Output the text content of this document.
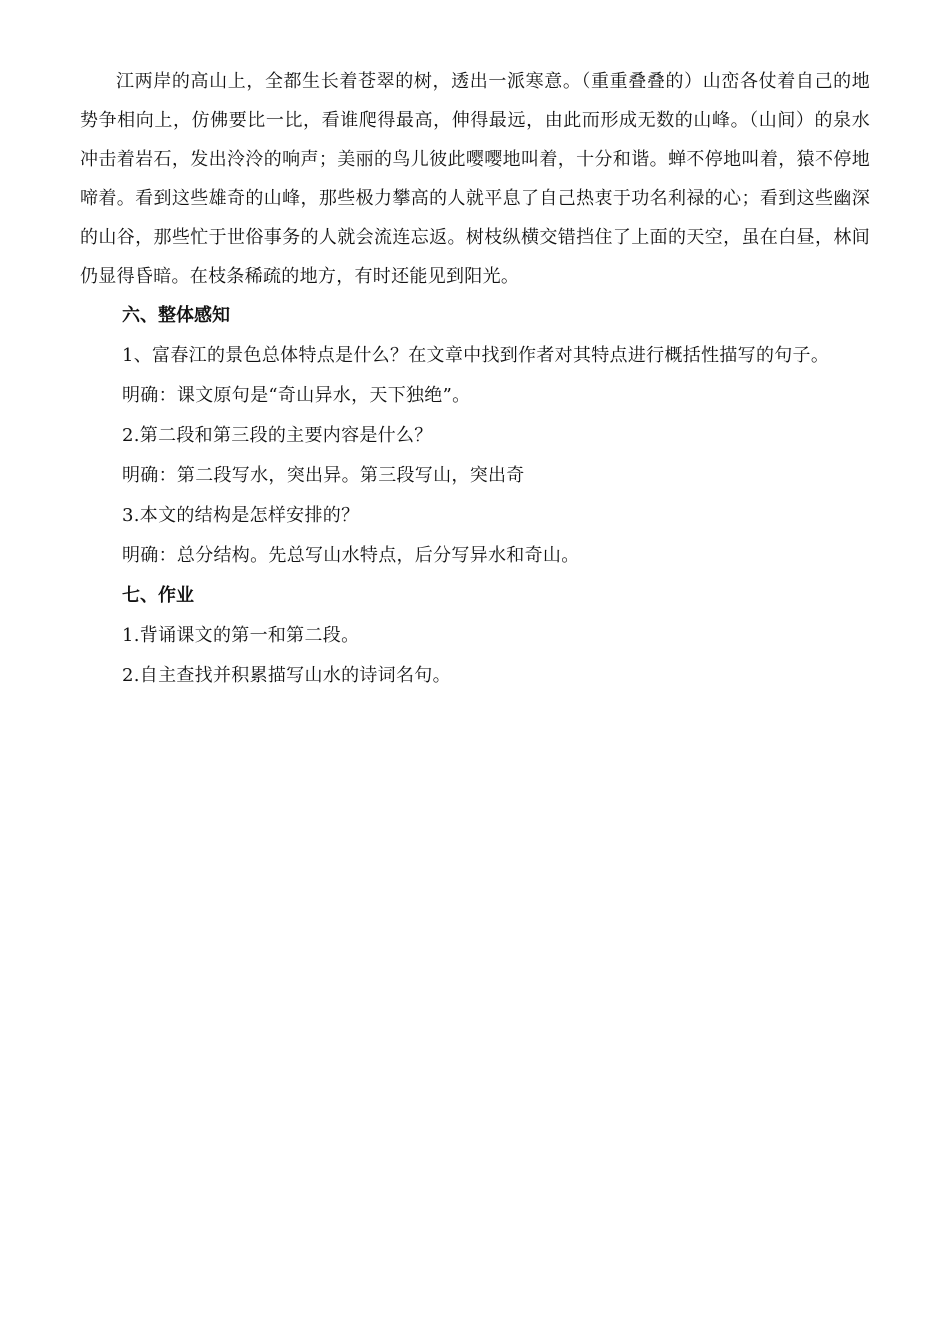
江两岸的高山上，全都生长着苍翠的树，透出一派寒意。（重重叠叠的）山峦各仗着自己的地势争相向上，仿佛要比一比，看谁爬得最高，伸得最远，由此而形成无数的山峰。（山间）的泉水冲击着岩石，发出泠泠的响声；美丽的鸟儿彼此嘤嘤地叫着，十分和谐。蝉不停地叫着，猿不停地啼着。看到这些雄奇的山峰，那些极力攀高的人就平息了自己热衷于功名利禄的心；看到这些幽深的山谷，那些忙于世俗事务的人就会流连忘返。树枝纵横交错挡住了上面的天空，虽在白昼，林间仍显得昏暗。在枝条稀疏的地方，有时还能见到阳光。

六、整体感知

1、富春江的景色总体特点是什么？在文章中找到作者对其特点进行概括性描写的句子。

明确：课文原句是“奇山异水，天下独绝”。

2.第二段和第三段的主要内容是什么？

明确：第二段写水，突出异。第三段写山，突出奇

3.本文的结构是怎样安排的？

明确：总分结构。先总写山水特点，后分写异水和奇山。

七、作业

1.背诵课文的第一和第二段。

2.自主查找并积累描写山水的诗词名句。
